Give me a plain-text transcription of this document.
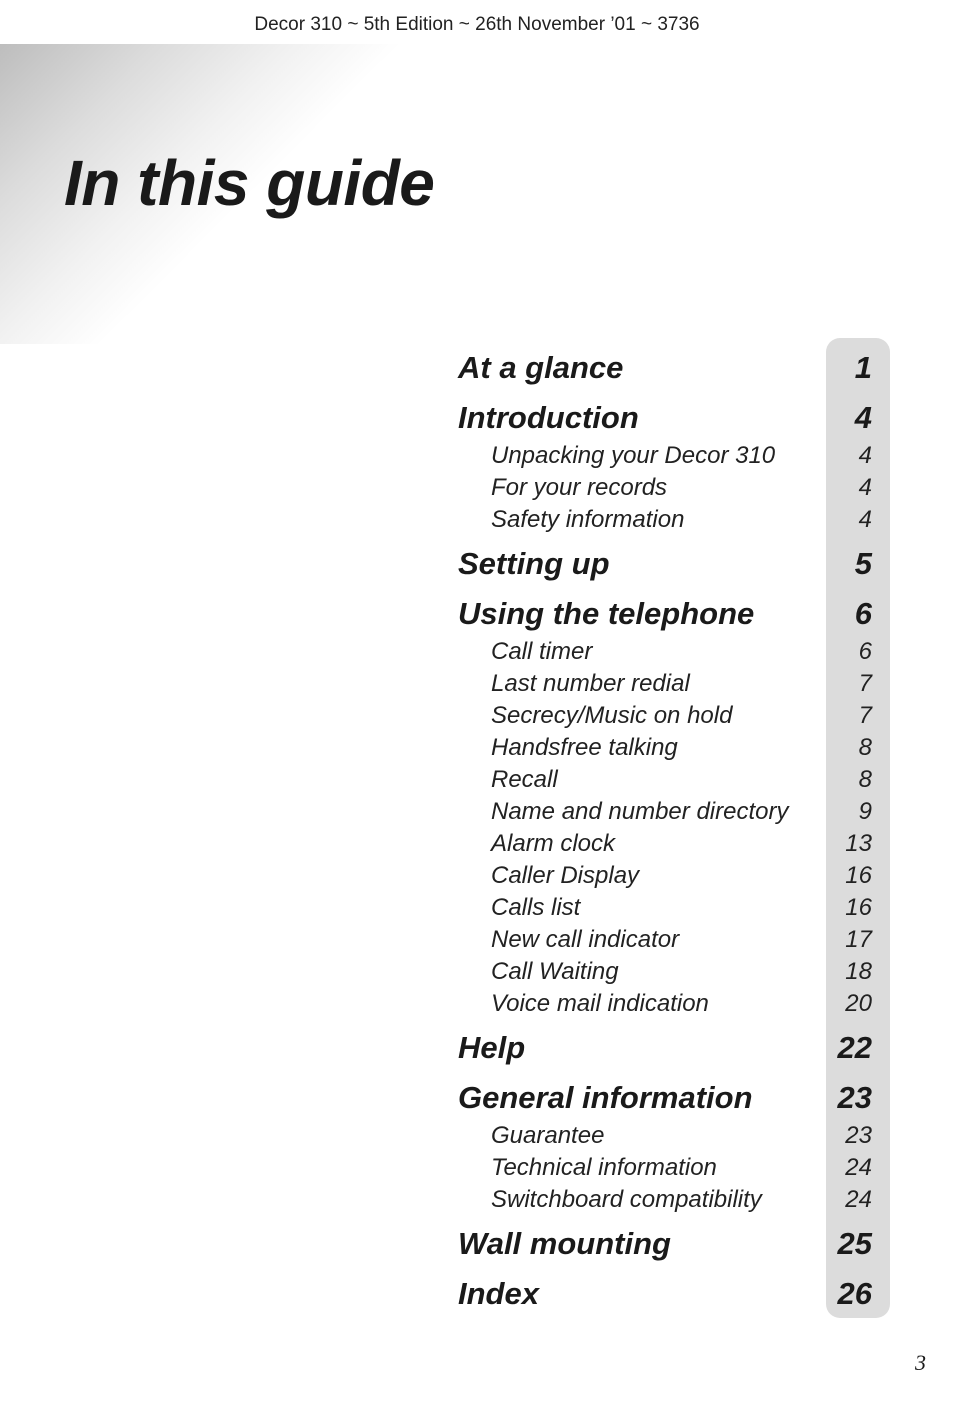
Decor 310 ~ 5th Edition ~ 26th November ’01 ~ 3736
In this guide
At a glance	1
Introduction	4
Unpacking your Decor 310	4
For your records	4
Safety information	4
Setting up	5
Using the telephone	6
Call timer	6
Last number redial	7
Secrecy/Music on hold	7
Handsfree talking	8
Recall	8
Name and number directory	9
Alarm clock	13
Caller Display	16
Calls list	16
New call indicator	17
Call Waiting	18
Voice mail indication	20
Help	22
General information	23
Guarantee	23
Technical information	24
Switchboard compatibility	24
Wall mounting	25
Index	26
3
